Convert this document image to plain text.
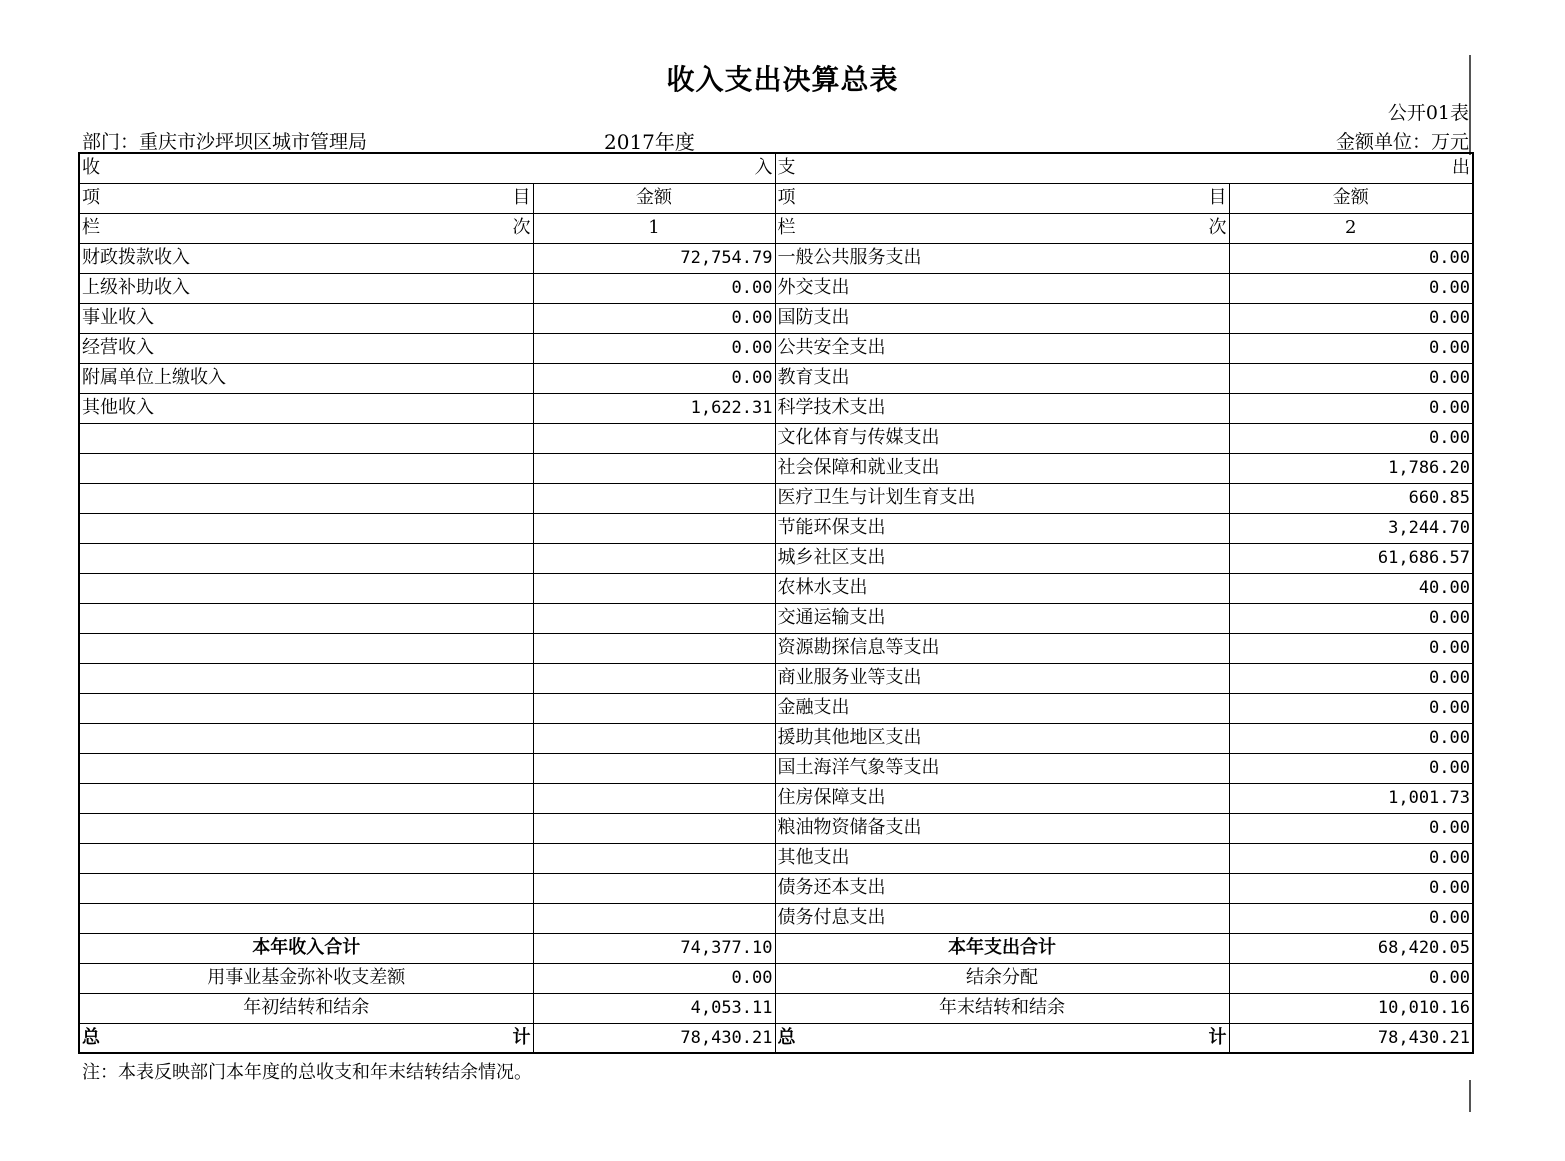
收入支出决算总表
公开01表
部门：重庆市沙坪坝区城市管理局	2017年度	金额单位：万元
收 入		支 出	

项 目	金额	项 目	金额

栏 次	1	栏 次	2
财政拨款收入	72,754.79	一般公共服务支出	0.00
上级补助收入	0.00	外交支出	0.00
事业收入	0.00	国防支出	0.00
经营收入	0.00	公共安全支出	0.00
附属单位上缴收入	0.00	教育支出	0.00
其他收入	1,622.31	科学技术支出	0.00
		文化体育与传媒支出	0.00
		社会保障和就业支出	1,786.20
		医疗卫生与计划生育支出	660.85
		节能环保支出	3,244.70
		城乡社区支出	61,686.57
		农林水支出	40.00
		交通运输支出	0.00
		资源勘探信息等支出	0.00
		商业服务业等支出	0.00
		金融支出	0.00
		援助其他地区支出	0.00
		国土海洋气象等支出	0.00
		住房保障支出	1,001.73
		粮油物资储备支出	0.00
		其他支出	0.00
		债务还本支出	0.00
		债务付息支出	0.00
本年收入合计	74,377.10	本年支出合计	68,420.05
用事业基金弥补收支差额	0.00	结余分配	0.00
年初结转和结余	4,053.11	年末结转和结余	10,010.16

总 计	78,430.21	总 计	78,430.21
注：本表反映部门本年度的总收支和年末结转结余情况。
